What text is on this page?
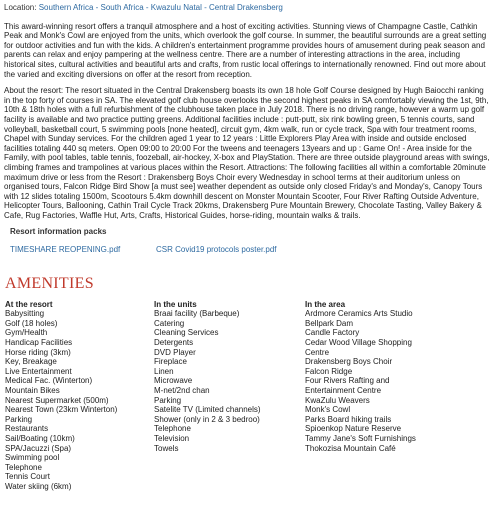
Location: Southern Africa - South Africa - Kwazulu Natal - Central Drakensberg

This award-winning resort offers a tranquil atmosphere and a host of exciting activities. Stunning views of Champagne Castle, Cathkin Peak and Monk's Cowl are enjoyed from the units, which overlook the golf course. In summer, the beautiful surrounds are a great setting for outdoor activities and fun with the kids. A children's entertainment programme provides hours of amusement during peak season and parents can relax and enjoy pampering at the wellness centre. There are a number of interesting attractions in the area, including historical sites, cultural activities and beautiful arts and crafts, from rustic local offerings to internationally renowned. Find out more about the varied and exciting diversions on offer at the resort from reception.

About the resort: The resort situated in the Central Drakensberg boasts its own 18 hole Golf Course designed by Hugh Baiocchi ranking in the top forty of courses in SA. The elevated golf club house overlooks the second highest peaks in SA comfortably viewing the 1st, 9th, 10th & 18th holes with a full refurbishment of the clubhouse taken place in July 2018. There is no driving range, however a warm up golf facility is available and two practice putting greens. Additional facilities include : putt-putt, six rink bowling green, 5 tennis courts, sand volleyball, basketball court, 5 swimming pools [none heated], circuit gym, 4km walk, run or cycle track, Spa with four treatment rooms, Chapel with Sunday services. For the children aged 1 year to 12 years : Little Explorers Play Area with inside and outside enclosed facilities totaling 440 sq meters. Open 09:00 to 20:00 For the tweens and teenagers 13years and up : Game On! - Area inside for the Family, with pool tables, table tennis, foozeball, air-hockey, X-box and PlayStation. There are three outside playground areas with swings, climbing frames and trampolines at various places within the Resort. Attractions: The following facilities all within a comfortable 20minute maximum drive or less from the Resort : Drakensberg Boys Choir every Wednesday in school terms at their auditorium unless on organised tours, Falcon Ridge Bird Show [a must see] weather dependent as outside only closed Friday's and Monday's, Canopy Tours with 12 slides totaling 1500m, Scootours 5.4km downhill descent on Monster Mountain Scooter, Four River Rafting Outside Adventure, Helicopter Tours, Ballooning, Cathin Trail Cycle Track 20kms, Drakensberg Pure Mountain Brewery, Chocolate Tasting, Valley Bakery & Cafe, Rug Factories, Waffle Hut, Arts, Crafts, Historical Guides, horse-riding, mountain walks & trails.

Resort information packs
TIMESHARE REOPENING.pdf	CSR Covid19 protocols poster.pdf
AMENITIES
At the resort
Babysitting
Golf (18 holes)
Gym/Health
Handicap Facilities
Horse riding (3km)
Key, Breakage
Live Entertainment
Medical Fac. (Winterton)
Mountain Bikes
Nearest Supermarket (500m)
Nearest Town (23km Winterton)
Parking
Restaurants
Sail/Boating (10km)
SPA/Jacuzzi (Spa)
Swimming pool
Telephone
Tennis Court
Water skiing (6km)
In the units
Braai facility (Barbeque)
Catering
Cleaning Services
Detergents
DVD Player
Fireplace
Linen
Microwave
M-net/2nd chan
Parking
Satelite TV (Limited channels)
Shower (only in 2 & 3 bedroo)
Telephone
Television
Towels
In the area
Ardmore Ceramics Arts Studio
Bellpark Dam
Candle Factory
Cedar Wood Village Shopping
Centre
Drakensberg Boys Choir
Falcon Ridge
Four Rivers Rafting and
Entertainment Centre
KwaZulu Weavers
Monk's Cowl
Parks Board hiking trails
Spioenkop Nature Reserve
Tammy Jane's Soft Furnishings
Thokozisa Mountain Café
